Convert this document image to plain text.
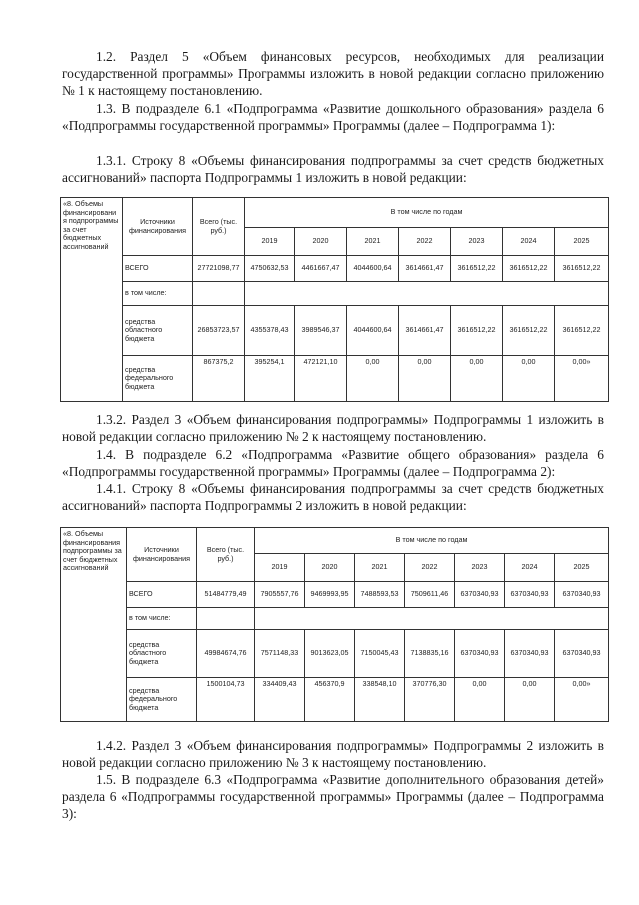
1.2. Раздел 5 «Объем финансовых ресурсов, необходимых для реализации государственной программы» Программы изложить в новой редакции согласно приложению № 1 к настоящему постановлению.

1.3. В подразделе 6.1 «Подпрограмма «Развитие дошкольного образования» раздела 6 «Подпрограммы государственной программы» Программы (далее – Подпрограмма 1):

1.3.1. Строку 8 «Объемы финансирования подпрограммы за счет средств бюджетных ассигнований» паспорта Подпрограммы 1 изложить в новой редакции:

«8. Объемы финансирования подпрограммы за счет бюджетных ассигнований	Источники финансирования	Всего (тыс. руб.)	В том числе по годам						
			2019	2020	2021	2022	2023	2024	2025
	ВСЕГО	27721098,77	4750632,53	4461667,47	4044600,64	3614661,47	3616512,22	3616512,22	3616512,22
	в том числе:								
	средства областного бюджета	26853723,57	4355378,43	3989546,37	4044600,64	3614661,47	3616512,22	3616512,22	3616512,22
	средства федерального бюджета	867375,2	395254,1	472121,10	0,00	0,00	0,00	0,00	0,00»

1.3.2. Раздел 3 «Объем финансирования подпрограммы» Подпрограммы 1 изложить в новой редакции согласно приложению № 2 к настоящему постановлению.

1.4. В подразделе 6.2 «Подпрограмма «Развитие общего образования» раздела 6 «Подпрограммы государственной программы» Программы (далее – Подпрограмма 2):

1.4.1. Строку 8 «Объемы финансирования подпрограммы за счет средств бюджетных ассигнований» паспорта Подпрограммы 2 изложить в новой редакции:

«8. Объемы финансирования подпрограммы за счет бюджетных ассигнований	Источники финансирования	Всего (тыс. руб.)	В том числе по годам						
			2019	2020	2021	2022	2023	2024	2025
	ВСЕГО	51484779,49	7905557,76	9469993,95	7488593,53	7509611,46	6370340,93	6370340,93	6370340,93
	в том числе:								
	средства областного бюджета	49984674,76	7571148,33	9013623,05	7150045,43	7138835,16	6370340,93	6370340,93	6370340,93
	средства федерального бюджета	1500104,73	334409,43	456370,9	338548,10	370776,30	0,00	0,00	0,00»

1.4.2. Раздел 3 «Объем финансирования подпрограммы» Подпрограммы 2 изложить в новой редакции согласно приложению № 3 к настоящему постановлению.

1.5. В подразделе 6.3 «Подпрограмма «Развитие дополнительного образования детей» раздела 6 «Подпрограммы государственной программы» Программы (далее – Подпрограмма 3):
